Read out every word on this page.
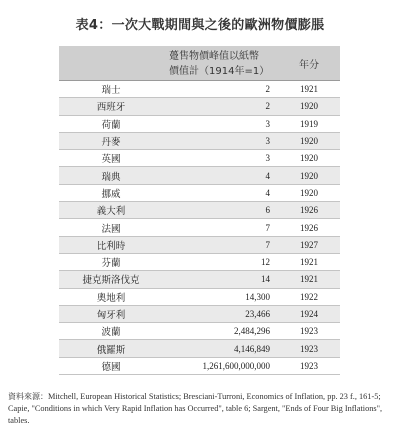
表4：一次大戰期間與之後的歐洲物價膨脹
躉售物價峰值以紙幣
價值計（1914年=1）
年分
瑞士	2	1921
西班牙	2	1920
荷蘭	3	1919
丹麥	3	1920
英國	3	1920
瑞典	4	1920
挪威	4	1920
義大利	6	1926
法國	7	1926
比利時	7	1927
芬蘭	12	1921
捷克斯洛伐克	14	1921
奧地利	14,300	1922
匈牙利	23,466	1924
波蘭	2,484,296	1923
俄羅斯	4,146,849	1923
德國	1,261,600,000,000	1923
資料來源：Mitchell, European Historical Statistics; Bresciani-Turroni, Economics of Inflation, pp. 23 f., 161-5; Capie, "Conditions in which Very Rapid Inflation has Occurred", table 6; Sargent, "Ends of Four Big Inflations", tables.
